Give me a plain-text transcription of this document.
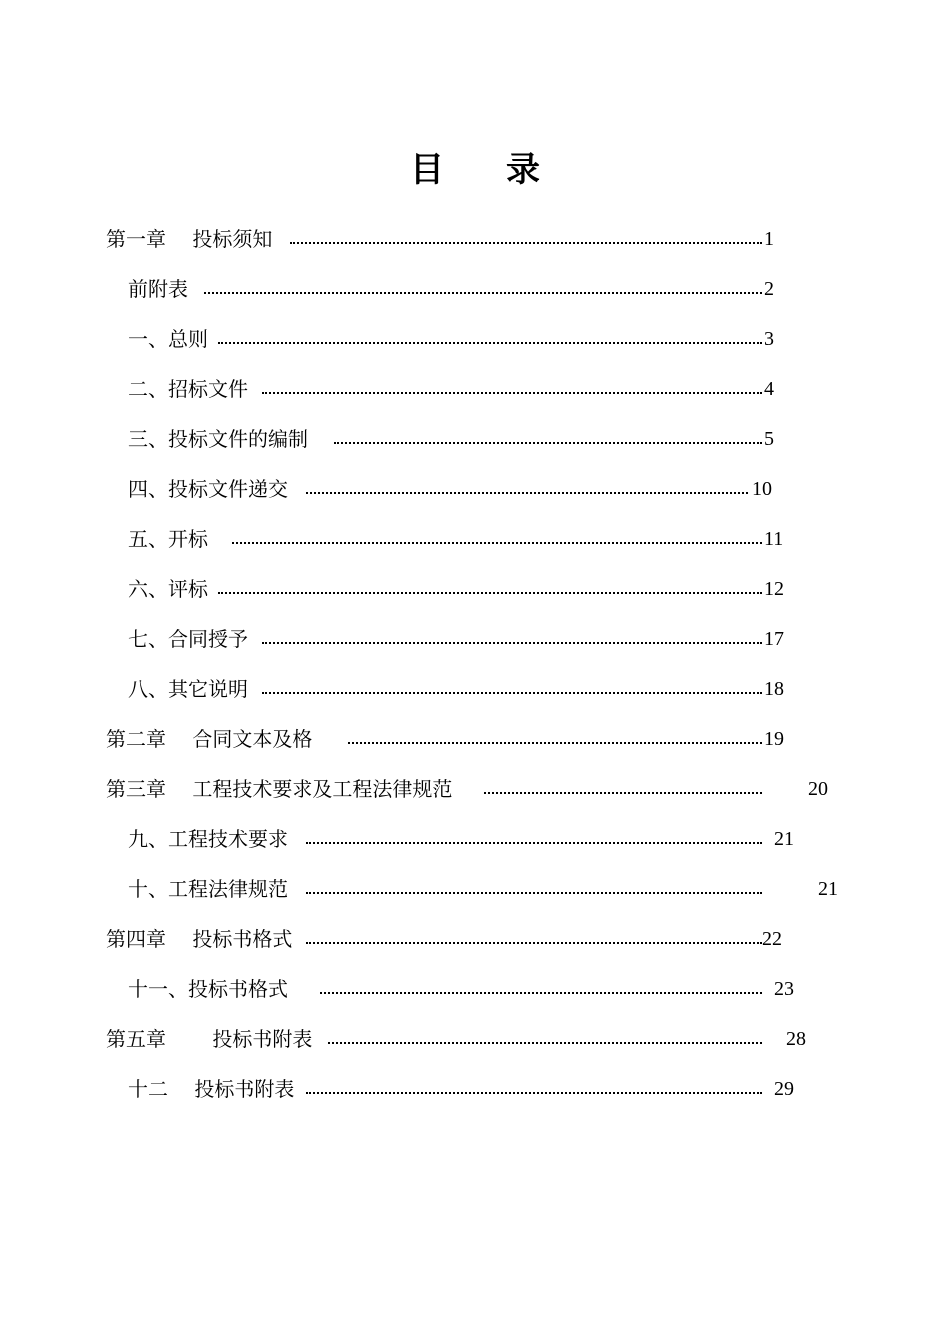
目 录
第一章　 投标须知	1
前附表	2
一、总则	3
二、招标文件	4
三、投标文件的编制	5
四、投标文件递交	10
五、开标	11
六、评标	12
七、合同授予	17
八、其它说明	18
第二章　 合同文本及格	19
第三章　 工程技术要求及工程法律规范	20
九、工程技术要求	21
十、工程法律规范	21
第四章　 投标书格式	22
十一、投标书格式	23
第五章　　 投标书附表	28
十二　 投标书附表	29
